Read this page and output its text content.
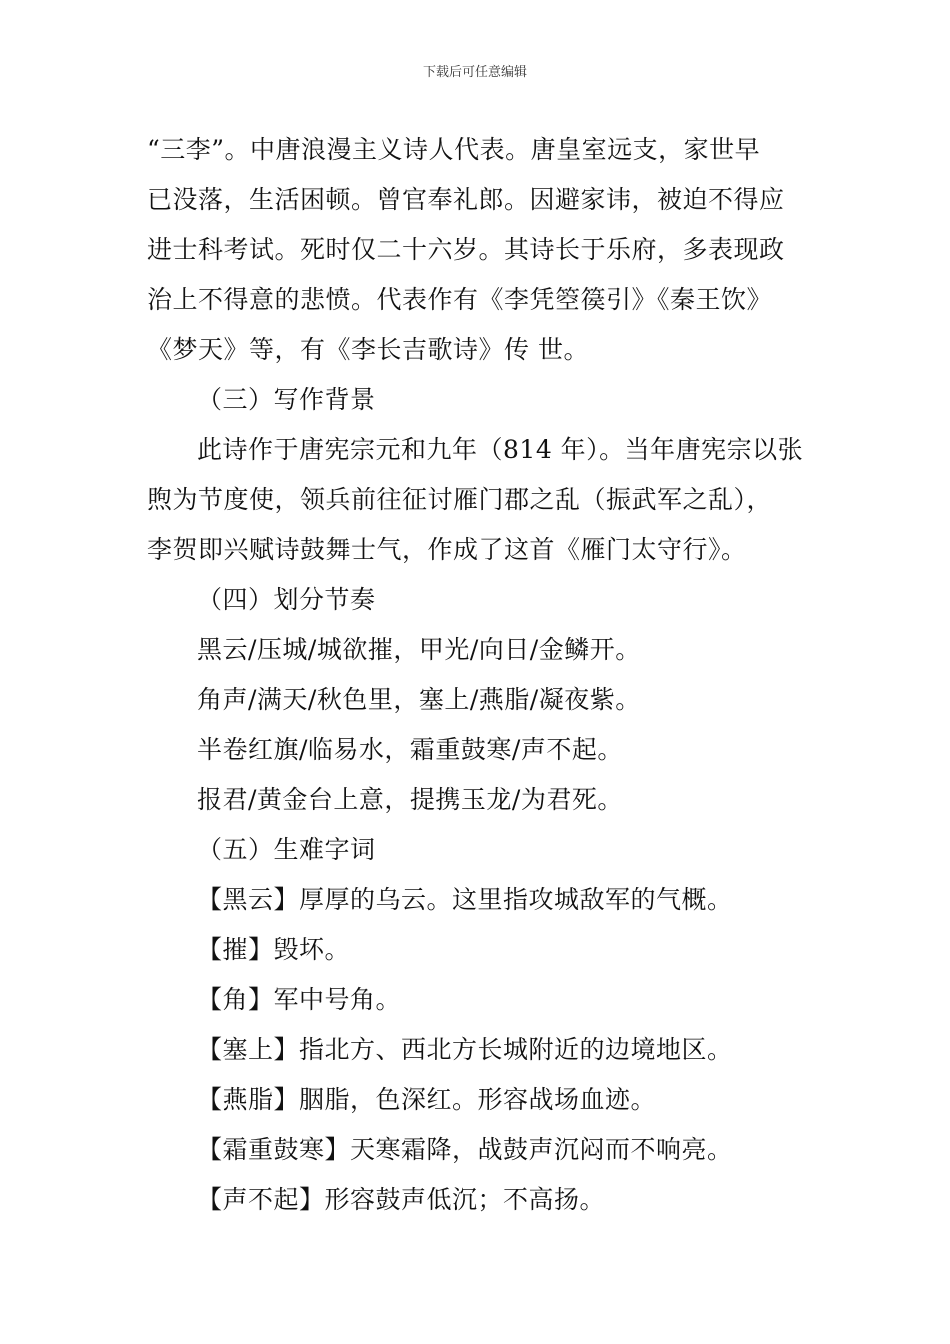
下载后可任意编辑
“三李”。中唐浪漫主义诗人代表。唐皇室远支，家世早
已没落，生活困顿。曾官奉礼郎。因避家讳，被迫不得应
进士科考试。死时仅二十六岁。其诗长于乐府，多表现政
治上不得意的悲愤。代表作有《李凭箜篌引》《秦王饮》
《梦天》等，有《李长吉歌诗》传 世。
（三）写作背景
此诗作于唐宪宗元和九年（814 年）。当年唐宪宗以张
煦为节度使，领兵前往征讨雁门郡之乱（振武军之乱），
李贺即兴赋诗鼓舞士气，作成了这首《雁门太守行》。
（四）划分节奏
黑云/压城/城欲摧，甲光/向日/金鳞开。
角声/满天/秋色里，塞上/燕脂/凝夜紫。
半卷红旗/临易水，霜重鼓寒/声不起。
报君/黄金台上意，提携玉龙/为君死。
（五）生难字词
【黑云】厚厚的乌云。这里指攻城敌军的气概。
【摧】毁坏。
【角】军中号角。
【塞上】指北方、西北方长城附近的边境地区。
【燕脂】胭脂，色深红。形容战场血迹。
【霜重鼓寒】天寒霜降，战鼓声沉闷而不响亮。
【声不起】形容鼓声低沉；不高扬。
